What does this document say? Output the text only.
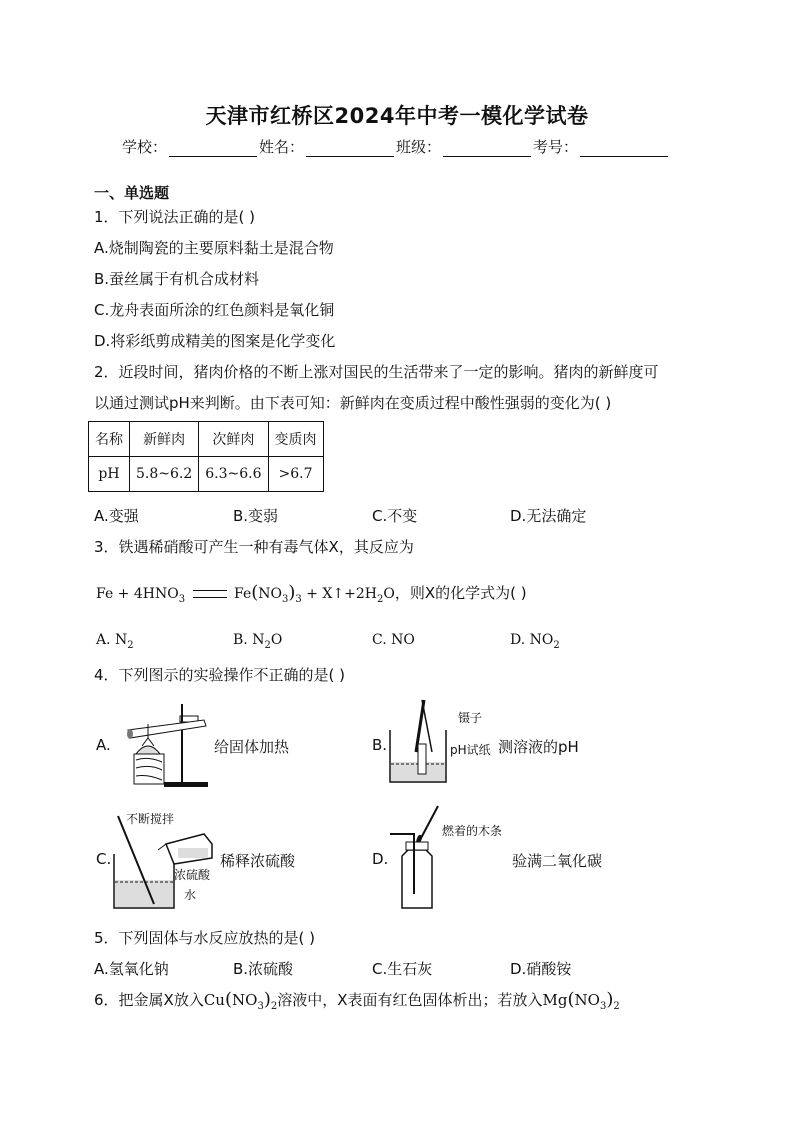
天津市红桥区2024年中考一模化学试卷
学校：	姓名：	班级：	考号：
一、单选题
1．下列说法正确的是( )
A.烧制陶瓷的主要原料黏土是混合物
B.蚕丝属于有机合成材料
C.龙舟表面所涂的红色颜料是氧化铜
D.将彩纸剪成精美的图案是化学变化
2．近段时间，猪肉价格的不断上涨对国民的生活带来了一定的影响。猪肉的新鲜度可
以通过测试pH来判断。由下表可知：新鲜肉在变质过程中酸性强弱的变化为( )
名称	新鲜肉	次鲜肉	变质肉
pH	5.8~6.2	6.3~6.6	>6.7
A.变强	B.变弱	C.不变	D.无法确定
3．铁遇稀硝酸可产生一种有毒气体X，其反应为
$Fe + 4HNO_3$	$Fe(NO_3)_3$ + $X↑+2H_2O$，则X的化学式为( )
A. $N_2$	B. $N_2O$	C. NO	D. $NO_2$
4．下列图示的实验操作不正确的是( )
A.	给固体加热	B.
镊子
pH试纸 测溶液的pH
C.
不断搅拌
稀释浓硫酸
浓硫酸
水
D.
燃着的木条
验满二氧化碳
5．下列固体与水反应放热的是( )
A.氢氧化钠	B.浓硫酸	C.生石灰	D.硝酸铵
6．把金属X放入$Cu(NO_3)_2$溶液中，X表面有红色固体析出；若放入$Mg(NO_3)_2$
